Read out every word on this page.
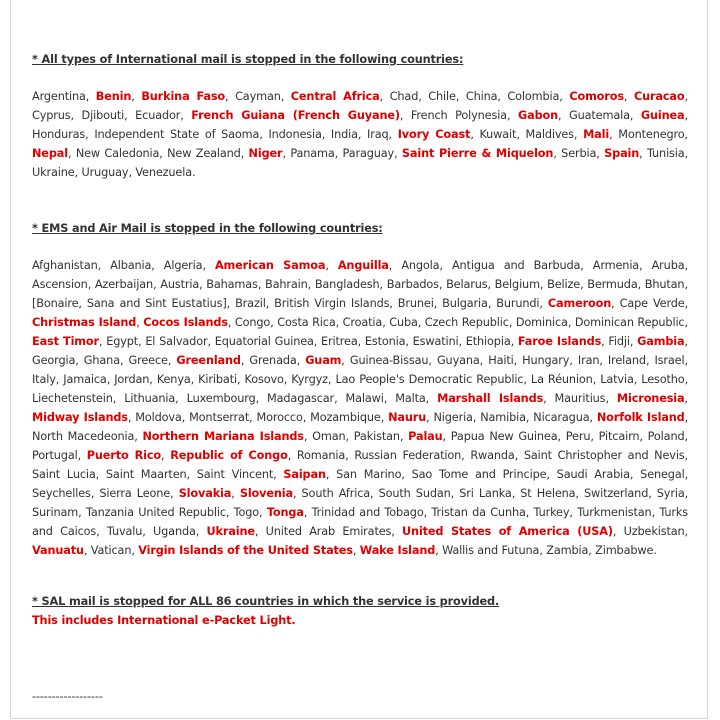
* All types of International mail is stopped in the following countries:
Argentina, Benin, Burkina Faso, Cayman, Central Africa, Chad, Chile, China, Colombia, Comoros, Curacao, Cyprus, Djibouti, Ecuador, French Guiana (French Guyane), French Polynesia, Gabon, Guatemala, Guinea, Honduras, Independent State of Saoma, Indonesia, India, Iraq, Ivory Coast, Kuwait, Maldives, Mali, Montenegro, Nepal, New Caledonia, New Zealand, Niger, Panama, Paraguay, Saint Pierre & Miquelon, Serbia, Spain, Tunisia, Ukraine, Uruguay, Venezuela.
* EMS and Air Mail is stopped in the following countries:
Afghanistan, Albania, Algeria, American Samoa, Anguilla, Angola, Antigua and Barbuda, Armenia, Aruba, Ascension, Azerbaijan, Austria, Bahamas, Bahrain, Bangladesh, Barbados, Belarus, Belgium, Belize, Bermuda, Bhutan, [Bonaire, Sana and Sint Eustatius], Brazil, British Virgin Islands, Brunei, Bulgaria, Burundi, Cameroon, Cape Verde, Christmas Island, Cocos Islands, Congo, Costa Rica, Croatia, Cuba, Czech Republic, Dominica, Dominican Republic, East Timor, Egypt, El Salvador, Equatorial Guinea, Eritrea, Estonia, Eswatini, Ethiopia, Faroe Islands, Fidji, Gambia, Georgia, Ghana, Greece, Greenland, Grenada, Guam, Guinea-Bissau, Guyana, Haiti, Hungary, Iran, Ireland, Israel, Italy, Jamaica, Jordan, Kenya, Kiribati, Kosovo, Kyrgyz, Lao People's Democratic Republic, La Réunion, Latvia, Lesotho, Liechetenstein, Lithuania, Luxembourg, Madagascar, Malawi, Malta, Marshall Islands, Mauritius, Micronesia, Midway Islands, Moldova, Montserrat, Morocco, Mozambique, Nauru, Nigeria, Namibia, Nicaragua, Norfolk Island, North Macedeonia, Northern Mariana Islands, Oman, Pakistan, Palau, Papua New Guinea, Peru, Pitcairn, Poland, Portugal, Puerto Rico, Republic of Congo, Romania, Russian Federation, Rwanda, Saint Christopher and Nevis, Saint Lucia, Saint Maarten, Saint Vincent, Saipan, San Marino, Sao Tome and Principe, Saudi Arabia, Senegal, Seychelles, Sierra Leone, Slovakia, Slovenia, South Africa, South Sudan, Sri Lanka, St Helena, Switzerland, Syria, Surinam, Tanzania United Republic, Togo, Tonga, Trinidad and Tobago, Tristan da Cunha, Turkey, Turkmenistan, Turks and Caicos, Tuvalu, Uganda, Ukraine, United Arab Emirates, United States of America (USA), Uzbekistan, Vanuatu, Vatican, Virgin Islands of the United States, Wake Island, Wallis and Futuna, Zambia, Zimbabwe.
* SAL mail is stopped for ALL 86 countries in which the service is provided.
This includes International e-Packet Light.
------------------
